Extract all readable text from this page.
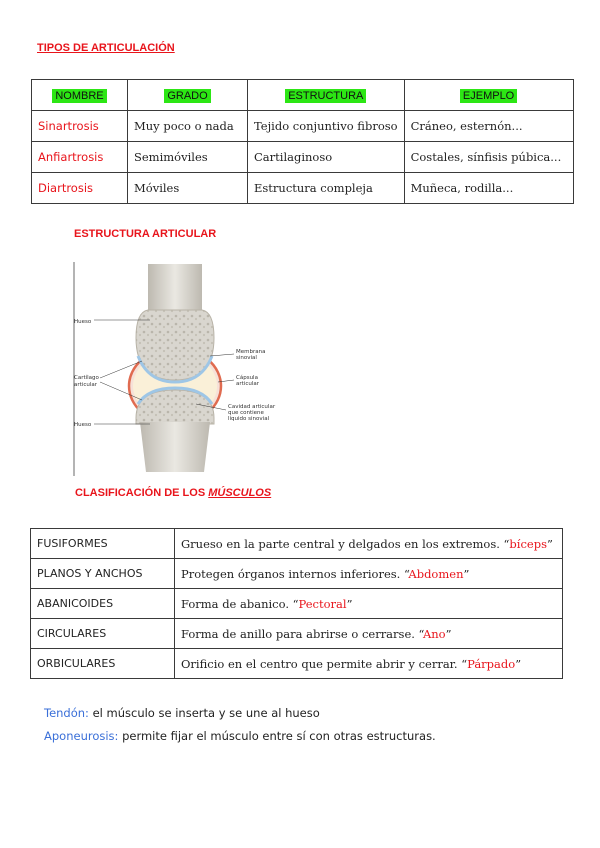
TIPOS DE ARTICULACIÓN
NOMBRE	GRADO	ESTRUCTURA	EJEMPLO
Sinartrosis	Muy poco o nada	Tejido conjuntivo fibroso	Cráneo, esternón...
Anfiartrosis	Semimóviles	Cartilaginoso	Costales, sínfisis púbica...
Diartrosis	Móviles	Estructura compleja	Muñeca, rodilla...
ESTRUCTURA ARTICULAR
Hueso
Cartílago
articular
Hueso
Membrana
sinovial
Cápsula
articular
Cavidad articular
que contiene
líquido sinovial
CLASIFICACIÓN DE LOS MÚSCULOS
FUSIFORMES	Grueso en la parte central y delgados en los extremos. “bíceps”
PLANOS Y ANCHOS	Protegen órganos internos inferiores. “Abdomen”
ABANICOIDES	Forma de abanico. “Pectoral”
CIRCULARES	Forma de anillo para abrirse o cerrarse. “Ano”
ORBICULARES	Orificio en el centro que permite abrir y cerrar. “Párpado”
Tendón: el músculo se inserta y se une al hueso
Aponeurosis: permite fijar el músculo entre sí con otras estructuras.
